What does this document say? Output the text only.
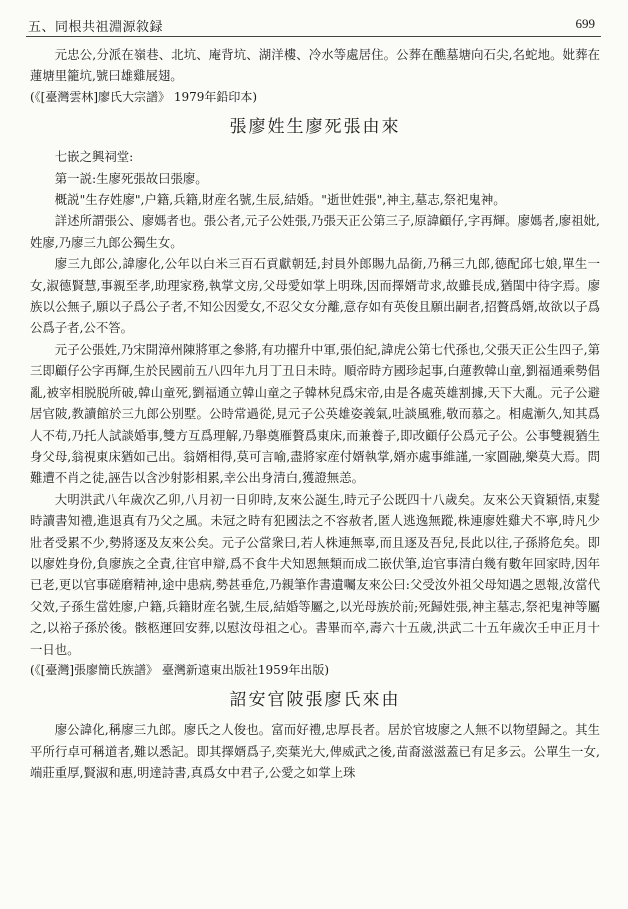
五、同根共祖淵源敘録	699

元忠公,分派在嶺巷、北坑、庵背坑、湖洋樓、冷水等處居住。公葬在醮墓塘向石尖,名蛇地。妣葬在蓮塘里籠坑,號曰雄雞展翅。

(《[臺灣雲林]廖氏大宗譜》 1979年鉛印本)

張廖姓生廖死張由來

七嵌之興祠堂:

第一説:生廖死張故曰張廖。

概説"生存姓廖",户籍,兵籍,財産名號,生辰,結婚。"逝世姓張",神主,墓志,祭祀鬼神。

詳述所謂張公、廖媽者也。張公者,元子公姓張,乃張天正公第三子,原諱顧仔,字再輝。廖媽者,廖祖妣,姓廖,乃廖三九郎公獨生女。

廖三九郎公,諱廖化,公年以白米三百石貢獻朝廷,封員外郎賜九品銜,乃稱三九郎,德配邱七娘,單生一女,淑德賢慧,事親至孝,助理家務,執掌文房,父母愛如掌上明珠,因而擇婿苛求,故雖長成,猶閨中待字焉。廖族以公無子,願以子爲公子者,不知公因愛女,不忍父女分離,意存如有英俊且願出嗣者,招贅爲婿,故欲以子爲公爲子者,公不答。

元子公張姓,乃宋開漳州陳將軍之參將,有功擢升中軍,張伯紀,諱虎公第七代孫也,父張天正公生四子,第三即顧仔公字再輝,生於民國前五八四年九月丁丑日未時。順帝時方國珍起事,白蓮教韓山童,劉福通乘勢倡亂,被宰相脱脱所破,韓山童死,劉福通立韓山童之子韓林兒爲宋帝,由是各處英雄割據,天下大亂。元子公避居官陂,教讀館於三九郎公别墅。公時常過從,見元子公英雄姿義氣,吐談風雅,敬而慕之。相處漸久,知其爲人不苟,乃托人試談婚事,雙方互爲理解,乃舉奠雁贅爲東床,而兼養子,即改顧仔公爲元子公。公事雙親猶生身父母,翁視東床猶如己出。翁婿相得,莫可言喻,盡將家産付婿執掌,婿亦處事維謹,一家圓融,樂莫大焉。問難遭不肖之徒,誣告以含沙射影相累,幸公出身清白,獲證無恙。

大明洪武八年歲次乙卯,八月初一日卯時,友來公誕生,時元子公既四十八歲矣。友來公天資穎悟,束髮時讀書知禮,進退真有乃父之風。未冠之時有犯國法之不容赦者,匿人逃逸無蹤,株連廖姓雞犬不寧,時凡少壯者受累不少,勢將逐及友來公矣。元子公當衆曰,若人株連無辜,而且逐及吾兒,長此以往,子孫將危矣。即以廖姓身份,負廖族之全責,往官申辯,爲不食牛犬知恩無類而成二嵌伏筆,迨官事清白幾有數年回家時,因年已老,更以官事磋磨精神,途中患病,勢甚垂危,乃親筆作書遺囑友來公曰:父受汝外祖父母知遇之恩報,汝當代父效,子孫生當姓廖,户籍,兵籍財産名號,生辰,結婚等屬之,以光母族於前;死歸姓張,神主墓志,祭祀鬼神等屬之,以裕子孫於後。骸柩運回安葬,以慰汝母祖之心。書畢而卒,壽六十五歲,洪武二十五年歲次壬申正月十一日也。

(《[臺灣]張廖簡氏族譜》 臺灣新遠東出版社1959年出版)

詔安官陂張廖氏來由

廖公諱化,稱廖三九郎。廖氏之人俊也。富而好禮,忠厚長者。居於官坡廖之人無不以物望歸之。其生平所行卓可稱道者,難以悉記。即其擇婿爲子,奕葉光大,俾威武之後,苗裔滋滋蓋已有足多云。公單生一女,端莊重厚,賢淑和惠,明達詩書,真爲女中君子,公愛之如掌上珠
